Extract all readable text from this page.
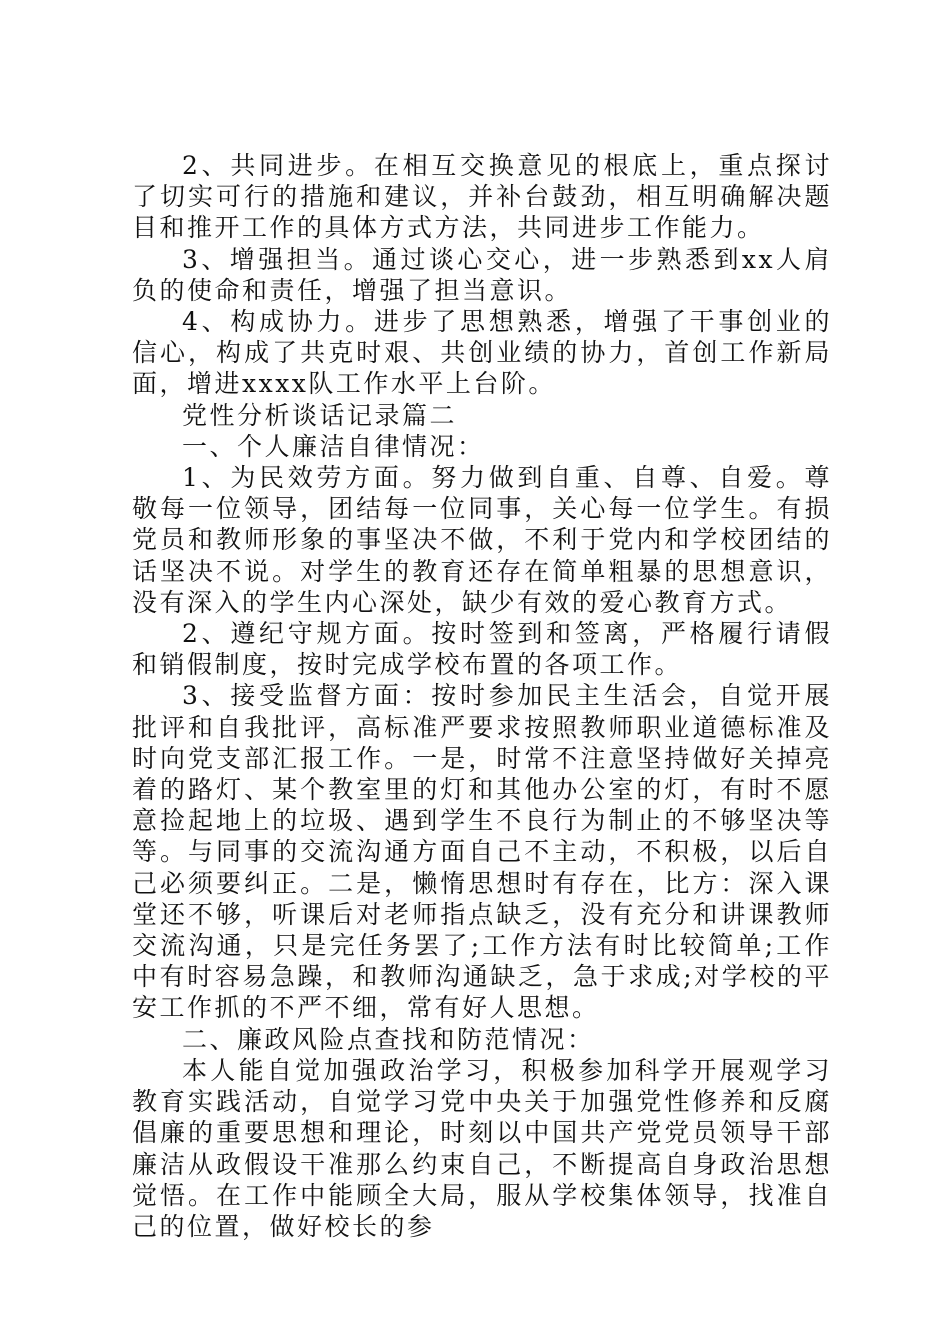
2、共同进步。在相互交换意见的根底上，重点探讨了切实可行的措施和建议，并补台鼓劲，相互明确解决题目和推开工作的具体方式方法，共同进步工作能力。

3、增强担当。通过谈心交心，进一步熟悉到xx人肩负的使命和责任，增强了担当意识。

4、构成协力。进步了思想熟悉，增强了干事创业的信心，构成了共克时艰、共创业绩的协力，首创工作新局面，增进xxxx队工作水平上台阶。

党性分析谈话记录篇二

一、个人廉洁自律情况：

1、为民效劳方面。努力做到自重、自尊、自爱。尊敬每一位领导，团结每一位同事，关心每一位学生。有损党员和教师形象的事坚决不做，不利于党内和学校团结的话坚决不说。对学生的教育还存在简单粗暴的思想意识，没有深入的学生内心深处，缺少有效的爱心教育方式。

2、遵纪守规方面。按时签到和签离，严格履行请假和销假制度，按时完成学校布置的各项工作。

3、接受监督方面：按时参加民主生活会，自觉开展批评和自我批评，高标准严要求按照教师职业道德标准及时向党支部汇报工作。一是，时常不注意坚持做好关掉亮着的路灯、某个教室里的灯和其他办公室的灯，有时不愿意捡起地上的垃圾、遇到学生不良行为制止的不够坚决等等。与同事的交流沟通方面自己不主动，不积极，以后自己必须要纠正。二是，懒惰思想时有存在，比方：深入课堂还不够，听课后对老师指点缺乏，没有充分和讲课教师交流沟通，只是完任务罢了;工作方法有时比较简单;工作中有时容易急躁，和教师沟通缺乏，急于求成;对学校的平安工作抓的不严不细，常有好人思想。

二、廉政风险点查找和防范情况：

本人能自觉加强政治学习，积极参加科学开展观学习教育实践活动，自觉学习党中央关于加强党性修养和反腐倡廉的重要思想和理论，时刻以中国共产党党员领导干部廉洁从政假设干准那么约束自己，不断提高自身政治思想觉悟。在工作中能顾全大局，服从学校集体领导，找准自己的位置，做好校长的参
